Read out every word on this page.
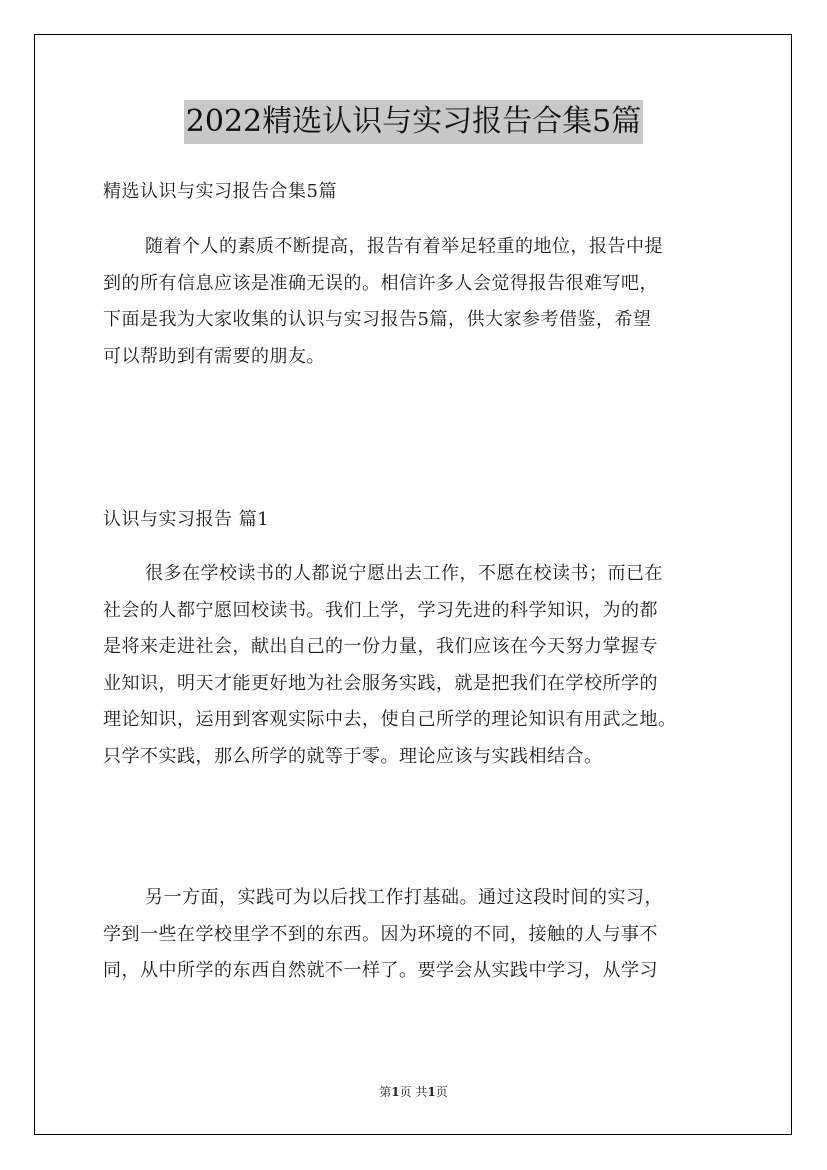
2022精选认识与实习报告合集5篇
精选认识与实习报告合集5篇
随着个人的素质不断提高，报告有着举足轻重的地位，报告中提
到的所有信息应该是准确无误的。相信许多人会觉得报告很难写吧，
下面是我为大家收集的认识与实习报告5篇，供大家参考借鉴，希望
可以帮助到有需要的朋友。
认识与实习报告 篇1
很多在学校读书的人都说宁愿出去工作，不愿在校读书；而已在
社会的人都宁愿回校读书。我们上学，学习先进的科学知识，为的都
是将来走进社会，献出自己的一份力量，我们应该在今天努力掌握专
业知识，明天才能更好地为社会服务实践，就是把我们在学校所学的
理论知识，运用到客观实际中去，使自己所学的理论知识有用武之地。
只学不实践，那么所学的就等于零。理论应该与实践相结合。
另一方面，实践可为以后找工作打基础。通过这段时间的实习，
学到一些在学校里学不到的东西。因为环境的不同，接触的人与事不
同，从中所学的东西自然就不一样了。要学会从实践中学习，从学习
第1页 共1页
